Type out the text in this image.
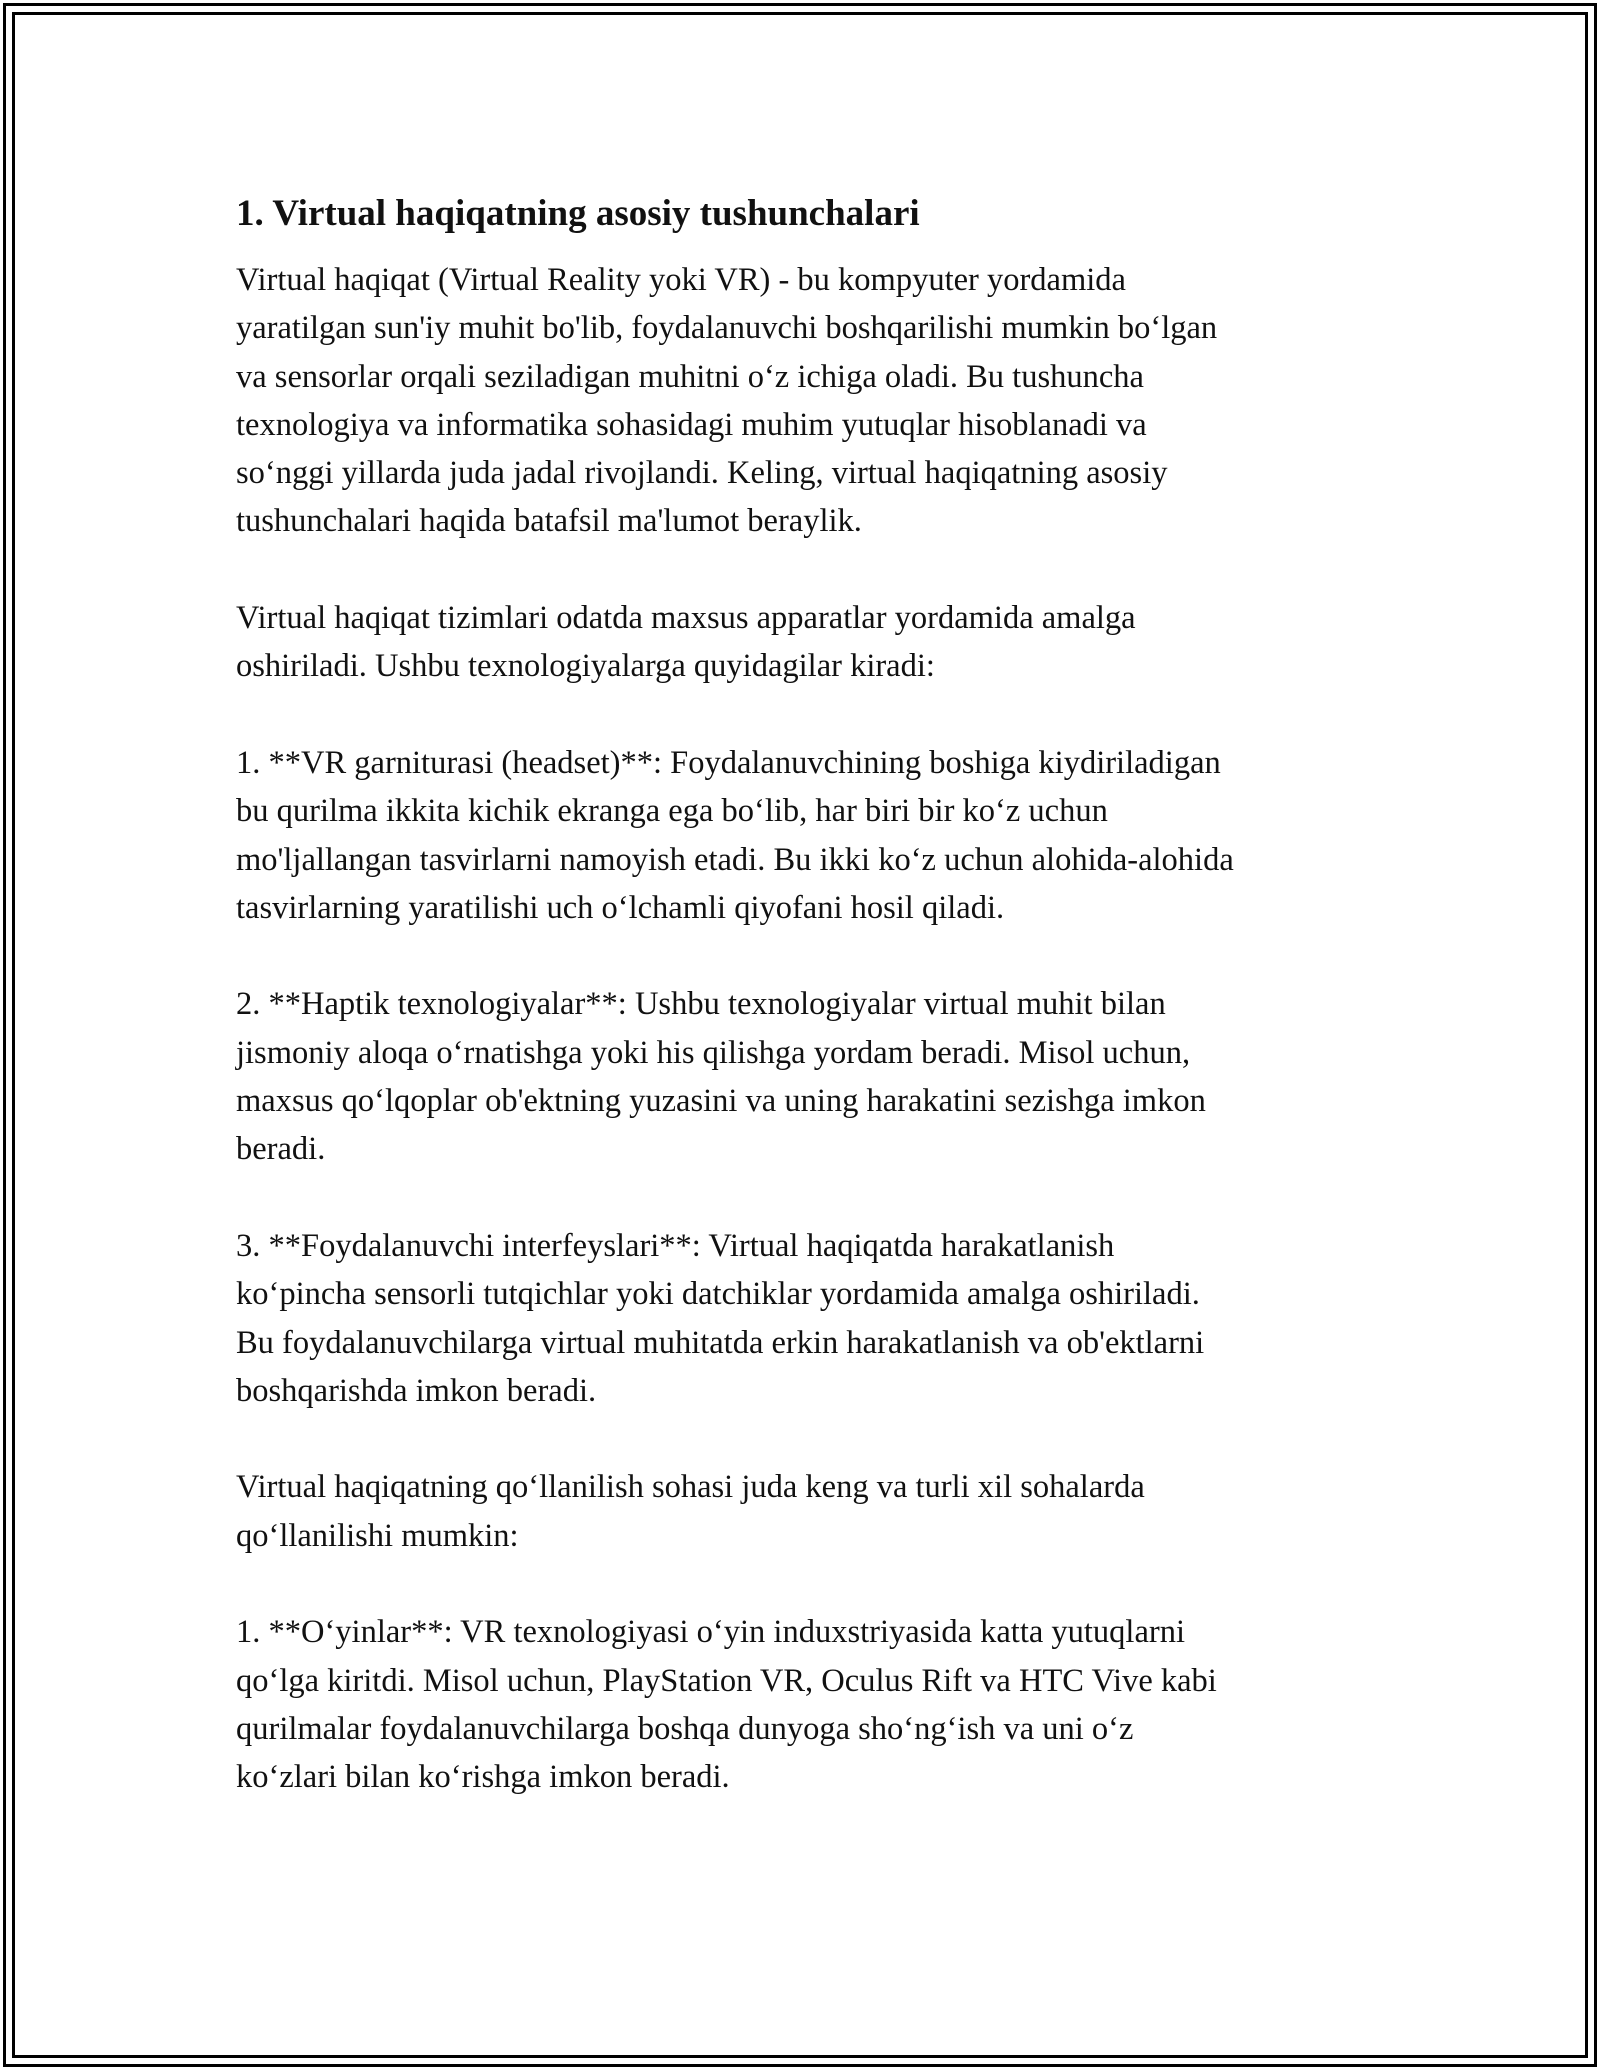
1. Virtual haqiqatning asosiy tushunchalari

Virtual haqiqat (Virtual Reality yoki VR) - bu kompyuter yordamida
yaratilgan sun'iy muhit bo'lib, foydalanuvchi boshqarilishi mumkin bo‘lgan
va sensorlar orqali seziladigan muhitni o‘z ichiga oladi. Bu tushuncha
texnologiya va informatika sohasidagi muhim yutuqlar hisoblanadi va
so‘nggi yillarda juda jadal rivojlandi. Keling, virtual haqiqatning asosiy
tushunchalari haqida batafsil ma'lumot beraylik.

Virtual haqiqat tizimlari odatda maxsus apparatlar yordamida amalga
oshiriladi. Ushbu texnologiyalarga quyidagilar kiradi:

1. **VR garniturasi (headset)**: Foydalanuvchining boshiga kiydiriladigan
bu qurilma ikkita kichik ekranga ega bo‘lib, har biri bir ko‘z uchun
mo'ljallangan tasvirlarni namoyish etadi. Bu ikki ko‘z uchun alohida-alohida
tasvirlarning yaratilishi uch o‘lchamli qiyofani hosil qiladi.

2. **Haptik texnologiyalar**: Ushbu texnologiyalar virtual muhit bilan
jismoniy aloqa o‘rnatishga yoki his qilishga yordam beradi. Misol uchun,
maxsus qo‘lqoplar ob'ektning yuzasini va uning harakatini sezishga imkon
beradi.

3. **Foydalanuvchi interfeyslari**: Virtual haqiqatda harakatlanish
ko‘pincha sensorli tutqichlar yoki datchiklar yordamida amalga oshiriladi.
Bu foydalanuvchilarga virtual muhitatda erkin harakatlanish va ob'ektlarni
boshqarishda imkon beradi.

Virtual haqiqatning qo‘llanilish sohasi juda keng va turli xil sohalarda
qo‘llanilishi mumkin:

1. **O‘yinlar**: VR texnologiyasi o‘yin induxstriyasida katta yutuqlarni
qo‘lga kiritdi. Misol uchun, PlayStation VR, Oculus Rift va HTC Vive kabi
qurilmalar foydalanuvchilarga boshqa dunyoga sho‘ng‘ish va uni o‘z
ko‘zlari bilan ko‘rishga imkon beradi.
